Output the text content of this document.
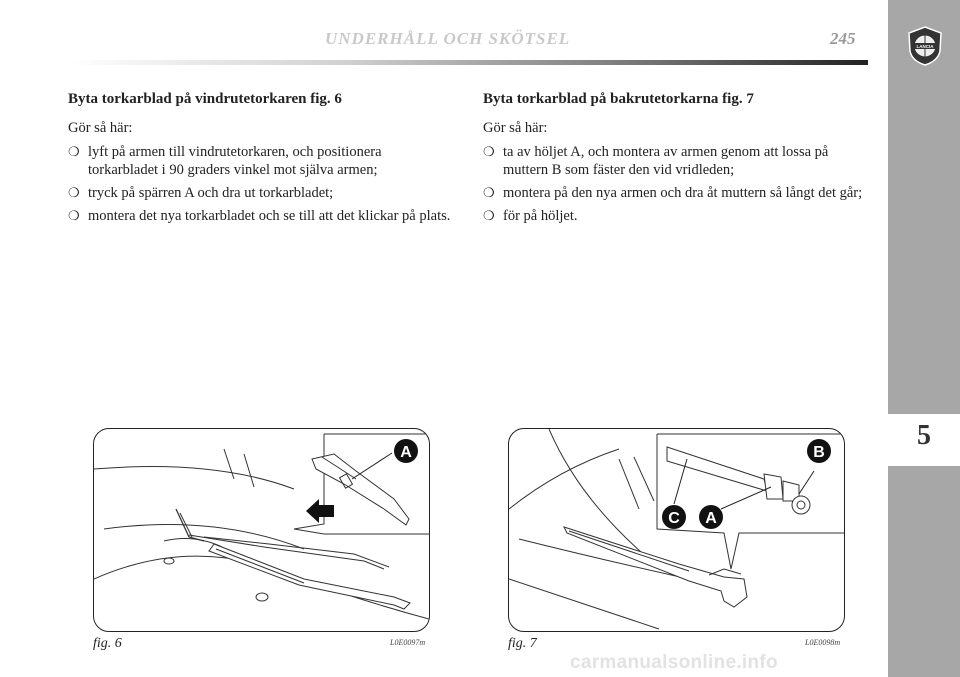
UNDERHÅLL OCH SKÖTSEL	245	LANCIA
5
Byta torkarblad på vindrutetorkaren fig. 6
Gör så här:
❍ lyft på armen till vindrutetorkaren, och positionera torkarbladet i 90 graders vinkel mot själva armen;
❍ tryck på spärren A och dra ut torkarbladet;
❍ montera det nya torkarbladet och se till att det klickar på plats.
Byta torkarblad på bakrutetorkarna fig. 7
Gör så här:
❍ ta av höljet A, och montera av armen genom att lossa på muttern B som fäster den vid vridleden;
❍ montera på den nya armen och dra åt muttern så långt det går;
❍ för på höljet.
A
fig. 6	L0E0097m
B
C A
fig. 7	L0E0098m
carmanualsonline.info
